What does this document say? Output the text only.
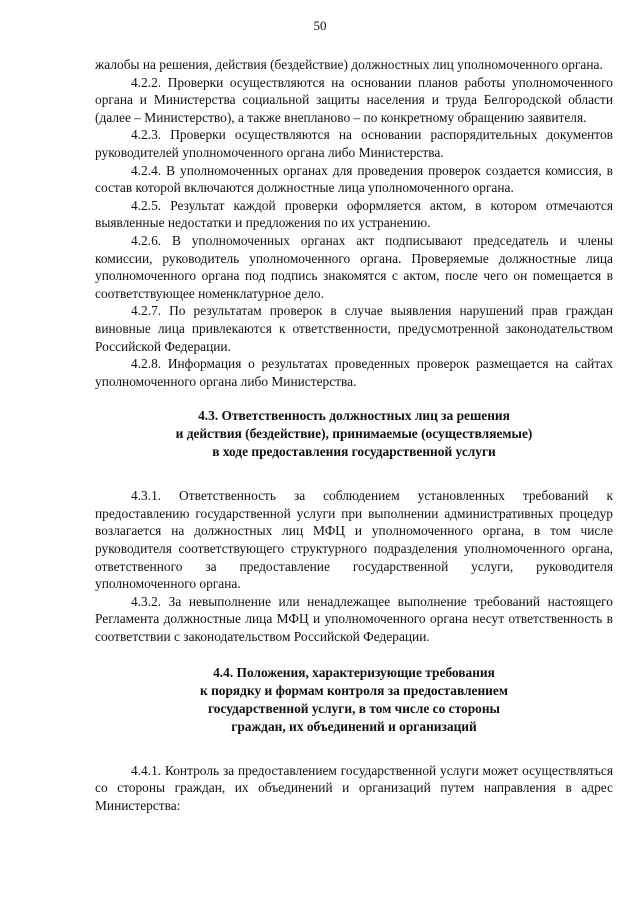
50

жалобы на решения, действия (бездействие) должностных лиц уполномоченного органа.

4.2.2. Проверки осуществляются на основании планов работы уполномоченного органа и Министерства социальной защиты населения и труда Белгородской области (далее – Министерство), а также внепланово – по конкретному обращению заявителя.

4.2.3. Проверки осуществляются на основании распорядительных документов руководителей уполномоченного органа либо Министерства.

4.2.4. В уполномоченных органах для проведения проверок создается комиссия, в состав которой включаются должностные лица уполномоченного органа.

4.2.5. Результат каждой проверки оформляется актом, в котором отмечаются выявленные недостатки и предложения по их устранению.

4.2.6. В уполномоченных органах акт подписывают председатель и члены комиссии, руководитель уполномоченного органа. Проверяемые должностные лица уполномоченного органа под подпись знакомятся с актом, после чего он помещается в соответствующее номенклатурное дело.

4.2.7. По результатам проверок в случае выявления нарушений прав граждан виновные лица привлекаются к ответственности, предусмотренной законодательством Российской Федерации.

4.2.8. Информация о результатах проведенных проверок размещается на сайтах уполномоченного органа либо Министерства.

4.3. Ответственность должностных лиц за решения
и действия (бездействие), принимаемые (осуществляемые)
в ходе предоставления государственной услуги

4.3.1. Ответственность за соблюдением установленных требований к предоставлению государственной услуги при выполнении административных процедур возлагается на должностных лиц МФЦ и уполномоченного органа, в том числе руководителя соответствующего структурного подразделения уполномоченного органа, ответственного за предоставление государственной услуги, руководителя уполномоченного органа.

4.3.2. За невыполнение или ненадлежащее выполнение требований настоящего Регламента должностные лица МФЦ и уполномоченного органа несут ответственность в соответствии с законодательством Российской Федерации.

4.4. Положения, характеризующие требования
к порядку и формам контроля за предоставлением
государственной услуги, в том числе со стороны
граждан, их объединений и организаций

4.4.1. Контроль за предоставлением государственной услуги может осуществляться со стороны граждан, их объединений и организаций путем направления в адрес Министерства:
